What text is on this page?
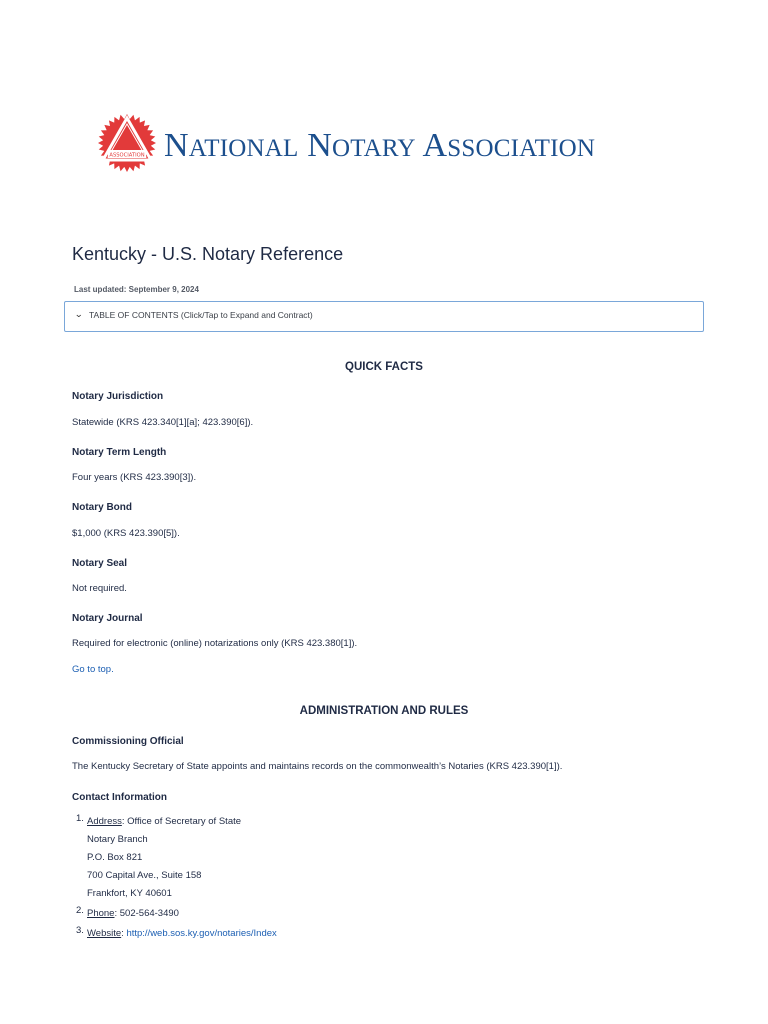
ASSOCIATION NATIONAL NOTARY ASSOCIATION
Kentucky - U.S. Notary Reference
Last updated: September 9, 2024
⌄ TABLE OF CONTENTS (Click/Tap to Expand and Contract)
QUICK FACTS
Notary Jurisdiction
Statewide (KRS 423.340[1][a]; 423.390[6]).
Notary Term Length
Four years (KRS 423.390[3]).
Notary Bond
$1,000 (KRS 423.390[5]).
Notary Seal
Not required.
Notary Journal
Required for electronic (online) notarizations only (KRS 423.380[1]).
Go to top.
ADMINISTRATION AND RULES
Commissioning Official
The Kentucky Secretary of State appoints and maintains records on the commonwealth’s Notaries (KRS 423.390[1]).
Contact Information
1. Address: Office of Secretary of State
Notary Branch
P.O. Box 821
700 Capital Ave., Suite 158
Frankfort, KY 40601
2. Phone: 502-564-3490
3. Website: http://web.sos.ky.gov/notaries/Index
